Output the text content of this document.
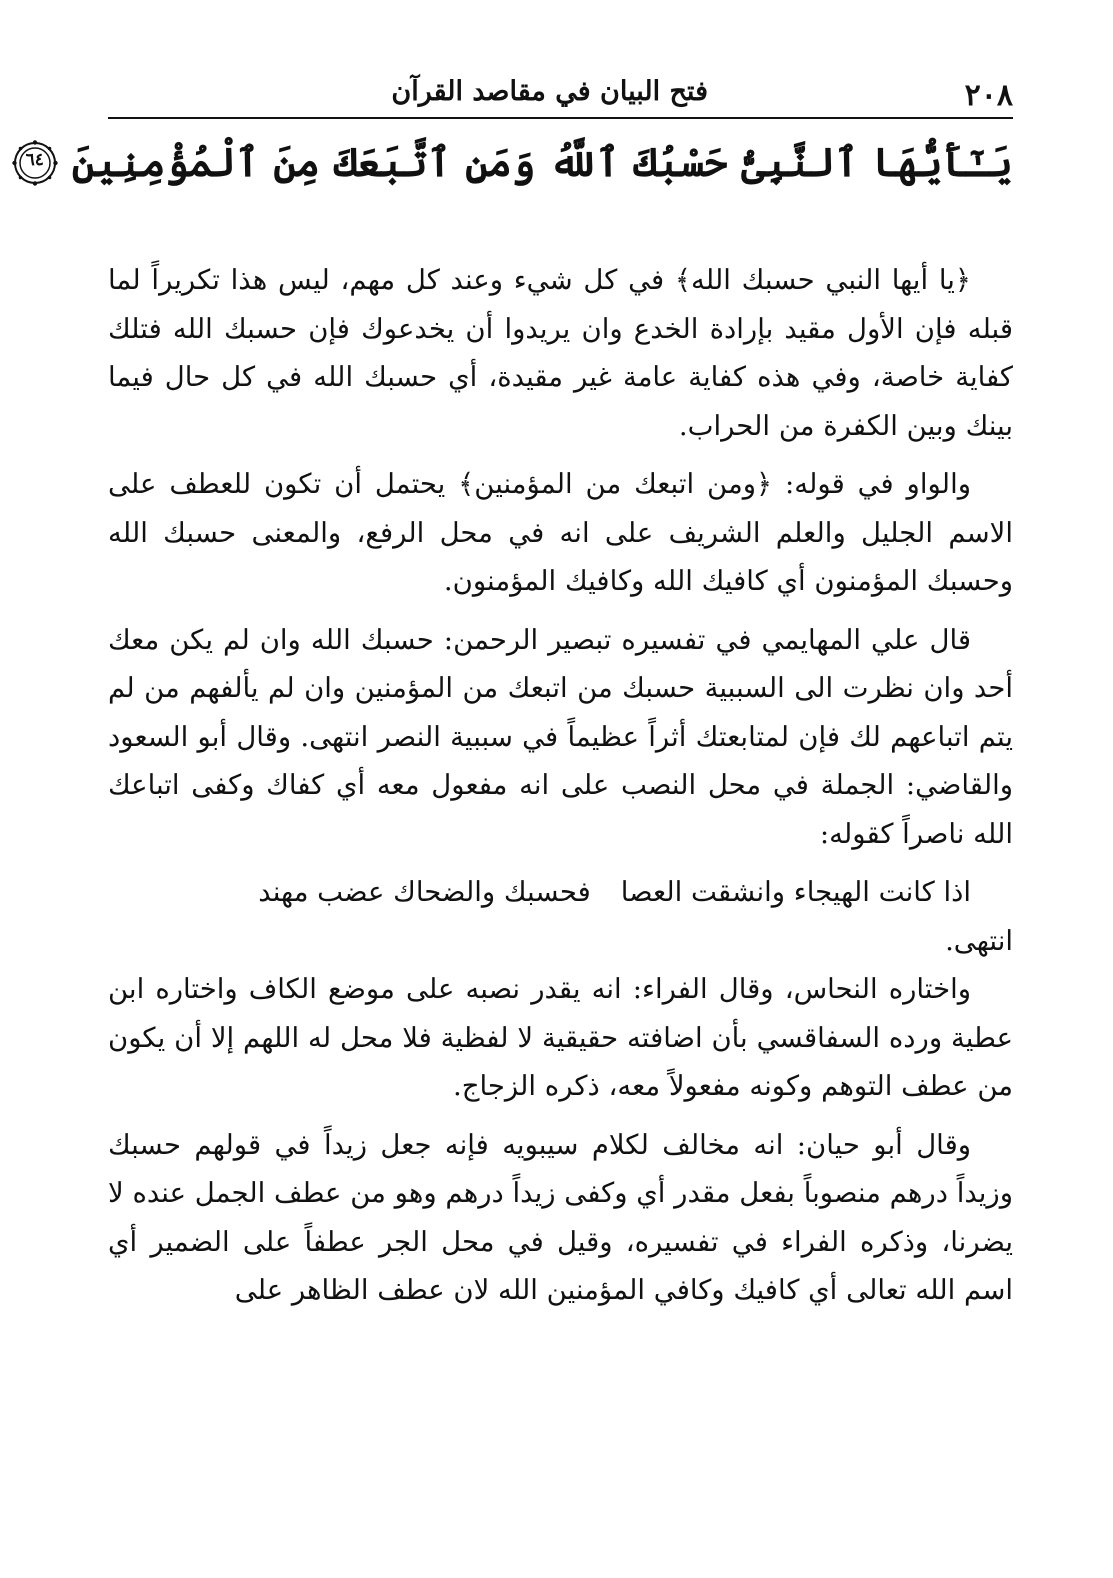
٢٠٨
فتح البيان في مقاصد القرآن
يَـٰٓأَيُّهَا ٱلنَّبِىُّ حَسْبُكَ ٱللَّهُ وَمَنِ ٱتَّبَعَكَ مِنَ ٱلْمُؤْمِنِينَ
٦٤

﴿يا أيها النبي حسبك الله﴾ في كل شيء وعند كل مهم، ليس هذا تكريراً لما قبله فإن الأول مقيد بإرادة الخدع وان يريدوا أن يخدعوك فإن حسبك الله فتلك كفاية خاصة، وفي هذه كفاية عامة غير مقيدة، أي حسبك الله في كل حال فيما بينك وبين الكفرة من الحراب.

والواو في قوله: ﴿ومن اتبعك من المؤمنين﴾ يحتمل أن تكون للعطف على الاسم الجليل والعلم الشريف على انه في محل الرفع، والمعنى حسبك الله وحسبك المؤمنون أي كافيك الله وكافيك المؤمنون.

قال علي المهايمي في تفسيره تبصير الرحمن: حسبك الله وان لم يكن معك أحد وان نظرت الى السببية حسبك من اتبعك من المؤمنين وان لم يألفهم من لم يتم اتباعهم لك فإن لمتابعتك أثراً عظيماً في سببية النصر انتهى. وقال أبو السعود والقاضي: الجملة في محل النصب على انه مفعول معه أي كفاك وكفى اتباعك الله ناصراً كقوله:

اذا كانت الهيجاء وانشقت العصافحسبك والضحاك عضب مهند
انتهى.

واختاره النحاس، وقال الفراء: انه يقدر نصبه على موضع الكاف واختاره ابن عطية ورده السفاقسي بأن اضافته حقيقية لا لفظية فلا محل له اللهم إلا أن يكون من عطف التوهم وكونه مفعولاً معه، ذكره الزجاج.

وقال أبو حيان: انه مخالف لكلام سيبويه فإنه جعل زيداً في قولهم حسبك وزيداً درهم منصوباً بفعل مقدر أي وكفى زيداً درهم وهو من عطف الجمل عنده لا يضرنا، وذكره الفراء في تفسيره، وقيل في محل الجر عطفاً على الضمير أي اسم الله تعالى أي كافيك وكافي المؤمنين الله لان عطف الظاهر على
